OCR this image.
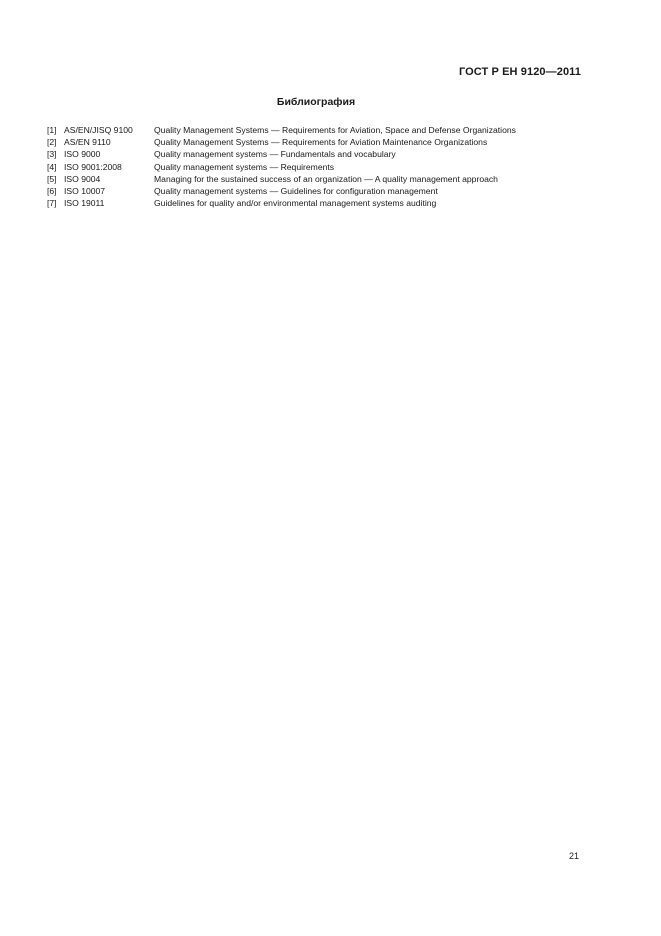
ГОСТ Р ЕН 9120—2011
Библиография
[1] AS/EN/JISQ 9100	Quality Management Systems — Requirements for Aviation, Space and Defense Organizations
[2] AS/EN 9110	Quality Management Systems — Requirements for Aviation Maintenance Organizations
[3] ISO 9000	Quality management systems — Fundamentals and vocabulary
[4] ISO 9001:2008	Quality management systems — Requirements
[5] ISO 9004	Managing for the sustained success of an organization — A quality management approach
[6] ISO 10007	Quality management systems — Guidelines for configuration management
[7] ISO 19011	Guidelines for quality and/or environmental management systems auditing
21
